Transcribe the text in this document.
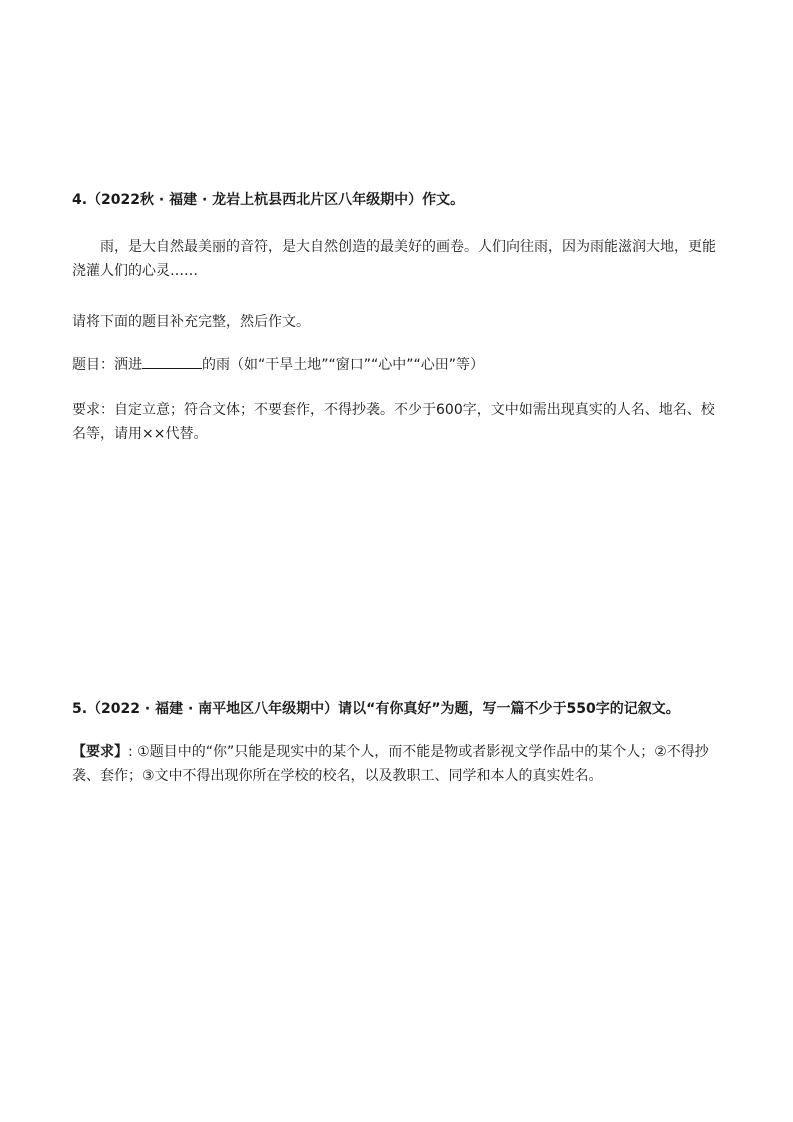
4.（2022秋 · 福建 · 龙岩上杭县西北片区八年级期中）作文。

雨，是大自然最美丽的音符，是大自然创造的最美好的画卷。人们向往雨，因为雨能滋润大地，更能浇灌人们的心灵……

请将下面的题目补充完整，然后作文。

题目：洒进	的雨（如“干旱土地”“窗口”“心中”“心田”等）

要求：自定立意；符合文体；不要套作，不得抄袭。不少于600字，文中如需出现真实的人名、地名、校名等，请用××代替。

5.（2022 · 福建 · 南平地区八年级期中）请以“有你真好”为题，写一篇不少于550字的记叙文。

【要求】: ①题目中的“你”只能是现实中的某个人，而不能是物或者影视文学作品中的某个人；②不得抄袭、套作；③文中不得出现你所在学校的校名，以及教职工、同学和本人的真实姓名。
